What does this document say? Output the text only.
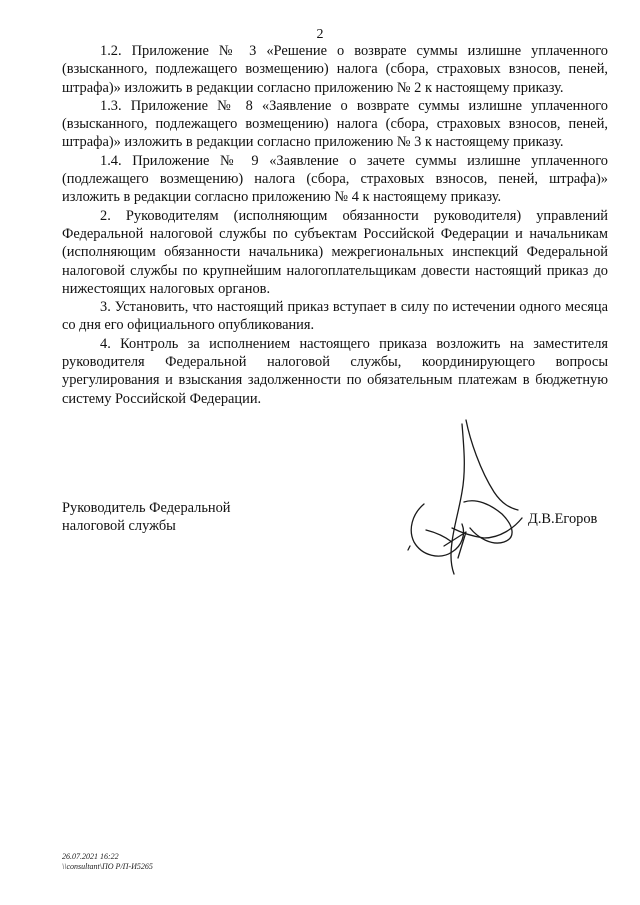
2

1.2. Приложение № 3 «Решение о возврате суммы излишне уплаченного (взысканного, подлежащего возмещению) налога (сбора, страховых взносов, пеней, штрафа)» изложить в редакции согласно приложению № 2 к настоящему приказу.

1.3. Приложение № 8 «Заявление о возврате суммы излишне уплаченного (взысканного, подлежащего возмещению) налога (сбора, страховых взносов, пеней, штрафа)» изложить в редакции согласно приложению № 3 к настоящему приказу.

1.4. Приложение № 9 «Заявление о зачете суммы излишне уплаченного (подлежащего возмещению) налога (сбора, страховых взносов, пеней, штрафа)» изложить в редакции согласно приложению № 4 к настоящему приказу.

2. Руководителям (исполняющим обязанности руководителя) управлений Федеральной налоговой службы по субъектам Российской Федерации и начальникам (исполняющим обязанности начальника) межрегиональных инспекций Федеральной налоговой службы по крупнейшим налогоплательщикам довести настоящий приказ до нижестоящих налоговых органов.

3. Установить, что настоящий приказ вступает в силу по истечении одного месяца со дня его официального опубликования.

4. Контроль за исполнением настоящего приказа возложить на заместителя руководителя Федеральной налоговой службы, координирующего вопросы урегулирования и взыскания задолженности по обязательным платежам в бюджетную систему Российской Федерации.

Руководитель Федеральной
налоговой службы	Д.В.Егоров
26.07.2021 16:22
\\consultant\ПО Р/П-И5265
